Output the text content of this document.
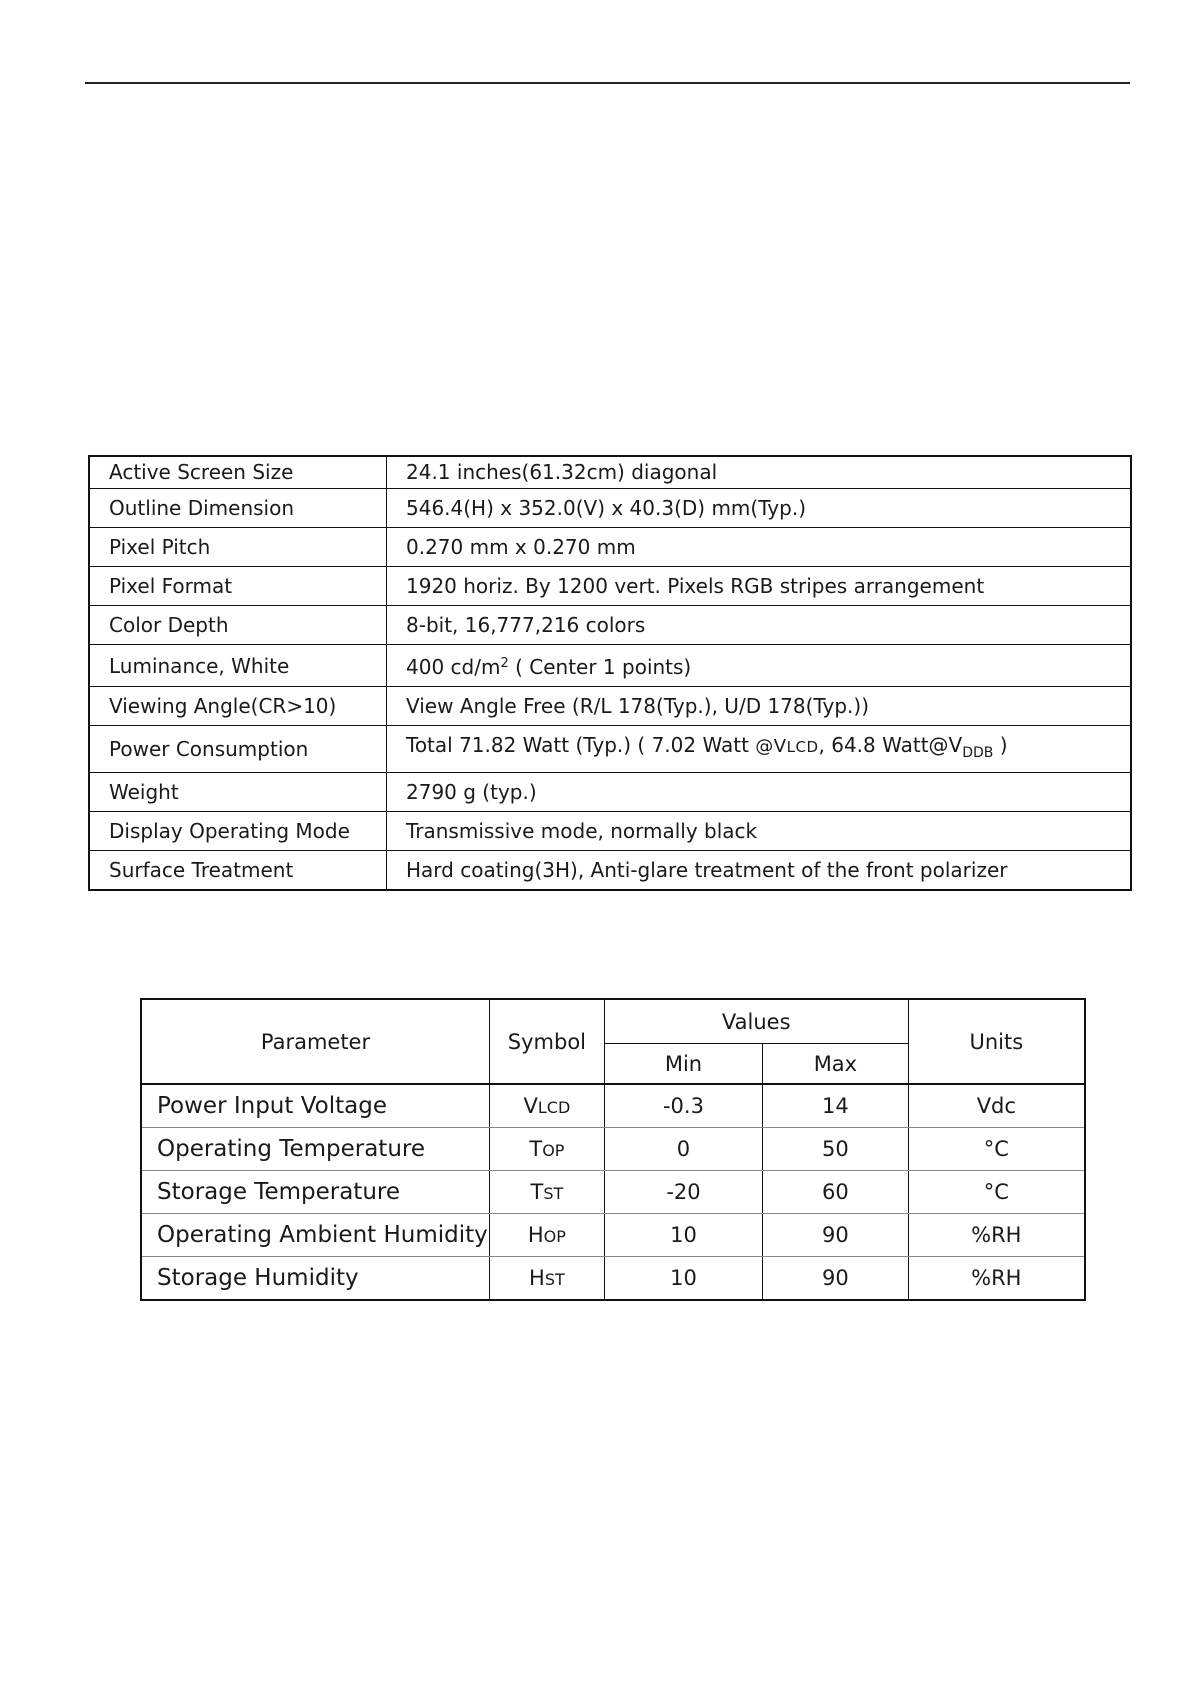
Active Screen Size	24.1 inches(61.32cm) diagonal
Outline Dimension	546.4(H) x 352.0(V) x 40.3(D) mm(Typ.)
Pixel Pitch	0.270 mm x 0.270 mm
Pixel Format	1920 horiz. By 1200 vert. Pixels RGB stripes arrangement
Color Depth	8-bit, 16,777,216 colors
Luminance, White	400 $cd/m^2$ ( Center 1 points)
Viewing Angle(CR>10)	View Angle Free (R/L 178(Typ.), U/D 178(Typ.))
Power Consumption	Total 71.82 Watt (Typ.) ( 7.02 Watt @VLCD, 64.8 $Watt@V_{DDB}$ )
Weight	2790 g (typ.)
Display Operating Mode	Transmissive mode, normally black
Surface Treatment	Hard coating(3H), Anti-glare treatment of the front polarizer
Parameter	Symbol	Values		Units
		Min	Max	
Power Input Voltage	VLCD	-0.3	14	Vdc
Operating Temperature	TOP	0	50	°C
Storage Temperature	TST	-20	60	°C
Operating Ambient Humidity	HOP	10	90	%RH
Storage Humidity	HST	10	90	%RH
